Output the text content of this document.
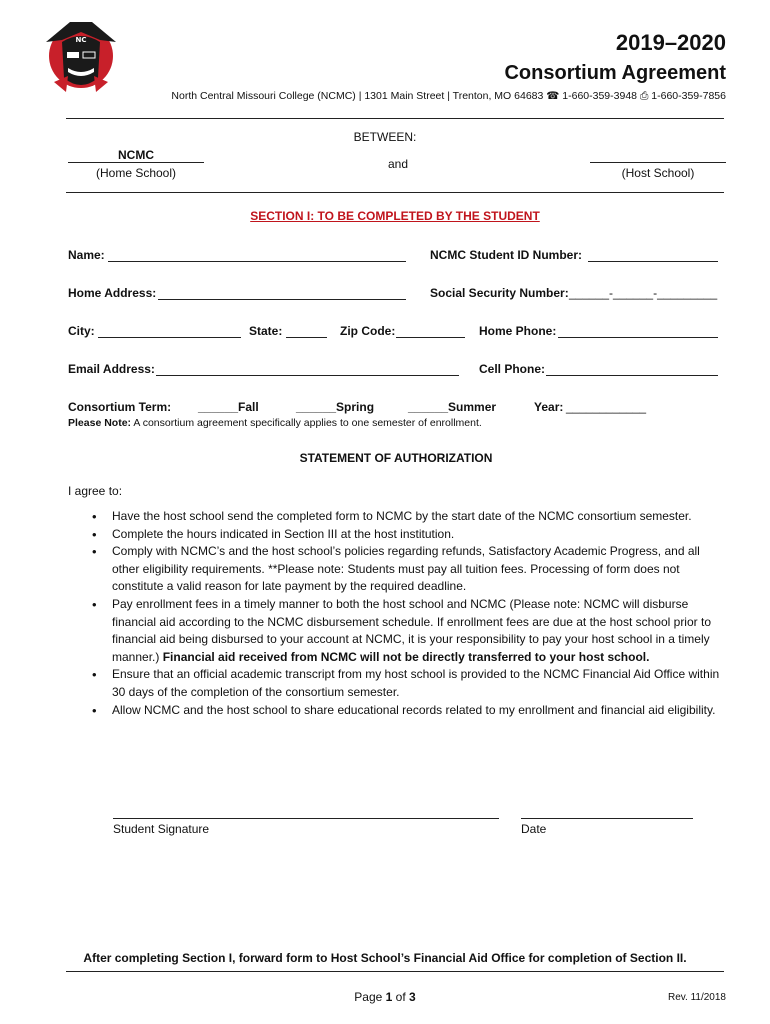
NC	2019–2020
Consortium Agreement
North Central Missouri College (NCMC) | 1301 Main Street | Trenton, MO 64683 ☎ 1-660-359-3948 ⎙ 1-660-359-7856
BETWEEN:
NCMC
(Home School)
and
(Host School)
SECTION I: TO BE COMPLETED BY THE STUDENT
Name:	NCMC Student ID Number:
Home Address:	Social Security Number: ______-______-_________
City:	State:	Zip Code:	Home Phone:
Email Address:	Cell Phone:
Consortium Term: ______Fall	______Spring	______Summer	Year: ____________
Please Note: A consortium agreement specifically applies to one semester of enrollment.
STATEMENT OF AUTHORIZATION
I agree to:
• Have the host school send the completed form to NCMC by the start date of the NCMC consortium semester.
• Complete the hours indicated in Section III at the host institution.
• Comply with NCMC’s and the host school’s policies regarding refunds, Satisfactory Academic Progress, and all other eligibility requirements. **Please note: Students must pay all tuition fees. Processing of form does not constitute a valid reason for late payment by the required deadline.
• Pay enrollment fees in a timely manner to both the host school and NCMC (Please note: NCMC will disburse financial aid according to the NCMC disbursement schedule. If enrollment fees are due at the host school prior to financial aid being disbursed to your account at NCMC, it is your responsibility to pay your host school in a timely manner.) Financial aid received from NCMC will not be directly transferred to your host school.
• Ensure that an official academic transcript from my host school is provided to the NCMC Financial Aid Office within 30 days of the completion of the consortium semester.
• Allow NCMC and the host school to share educational records related to my enrollment and financial aid eligibility.
Student Signature	Date
After completing Section I, forward form to Host School’s Financial Aid Office for completion of Section II.
Page 1 of 3	Rev. 11/2018
